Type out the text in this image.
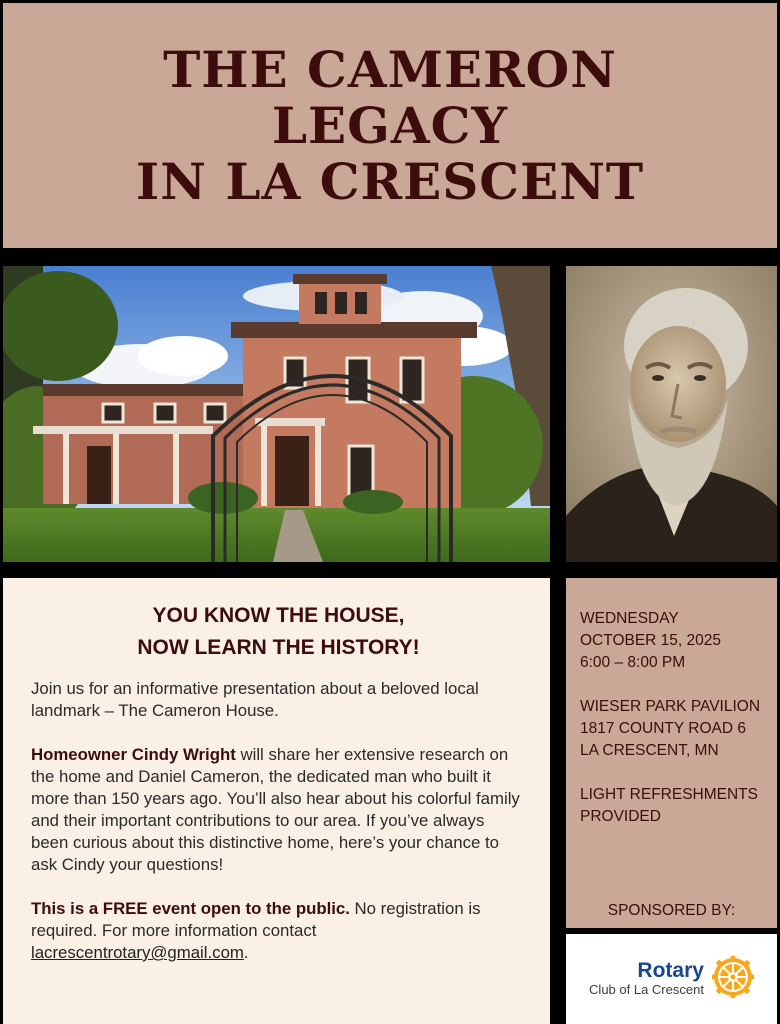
THE CAMERON
LEGACY
IN LA CRESCENT
YOU KNOW THE HOUSE,
NOW LEARN THE HISTORY!

Join us for an informative presentation about a beloved local landmark – The Cameron House.

Homeowner Cindy Wright will share her extensive research on the home and Daniel Cameron, the dedicated man who built it more than 150 years ago. You’ll also hear about his colorful family and their important contributions to our area. If you’ve always been curious about this distinctive home, here’s your chance to ask Cindy your questions!

This is a FREE event open to the public. No registration is required. For more information contact lacrescentrotary@gmail.com.

WEDNESDAY
OCTOBER 15, 2025
6:00 – 8:00 PM
WIESER PARK PAVILION
1817 COUNTY ROAD 6
LA CRESCENT, MN
LIGHT REFRESHMENTS
PROVIDED
SPONSORED BY:
Rotary
Club of La Crescent
